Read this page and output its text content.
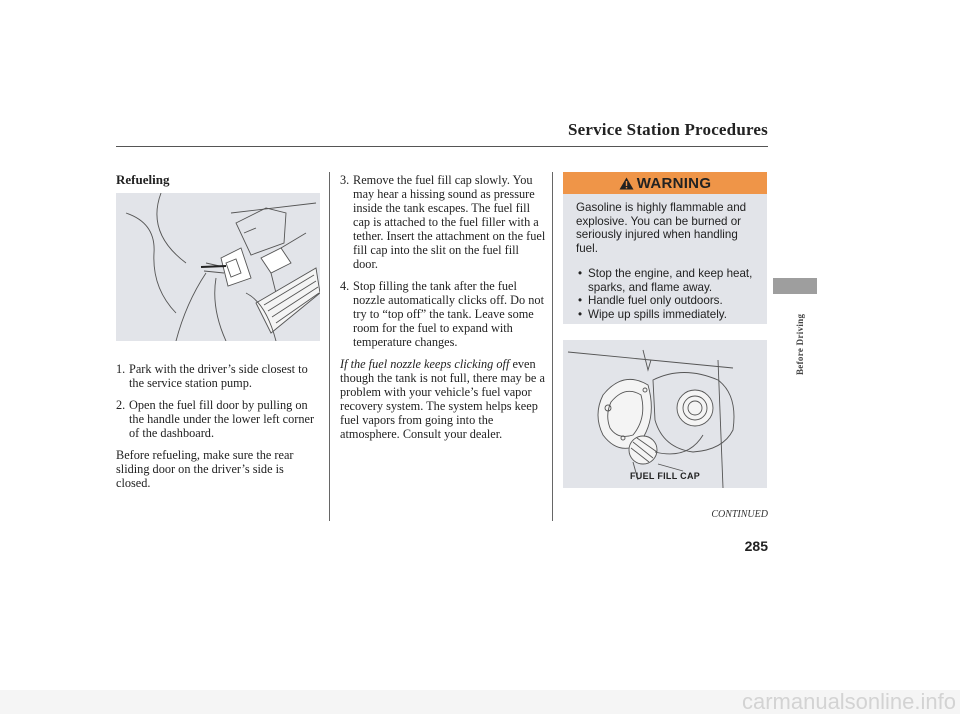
Service Station Procedures
Before Driving
Refueling
1. Park with the driver’s side closest to the service station pump.
2. Open the fuel fill door by pulling on the handle under the lower left corner of the dashboard.

Before refueling, make sure the rear sliding door on the driver’s side is closed.

3. Remove the fuel fill cap slowly. You may hear a hissing sound as pressure inside the tank escapes. The fuel fill cap is attached to the fuel filler with a tether. Insert the attachment on the fuel fill cap into the slit on the fuel fill door.
4. Stop filling the tank after the fuel nozzle automatically clicks off. Do not try to “top off” the tank. Leave some room for the fuel to expand with temperature changes.

If the fuel nozzle keeps clicking off even though the tank is not full, there may be a problem with your vehicle’s fuel vapor recovery system. The system helps keep fuel vapors from going into the atmosphere. Consult your dealer.

WARNING
Gasoline is highly flammable and explosive. You can be burned or seriously injured when handling fuel.
• Stop the engine, and keep heat, sparks, and flame away.
• Handle fuel only outdoors.
• Wipe up spills immediately.
FUEL FILL CAP
CONTINUED
285
carmanualsonline.info
